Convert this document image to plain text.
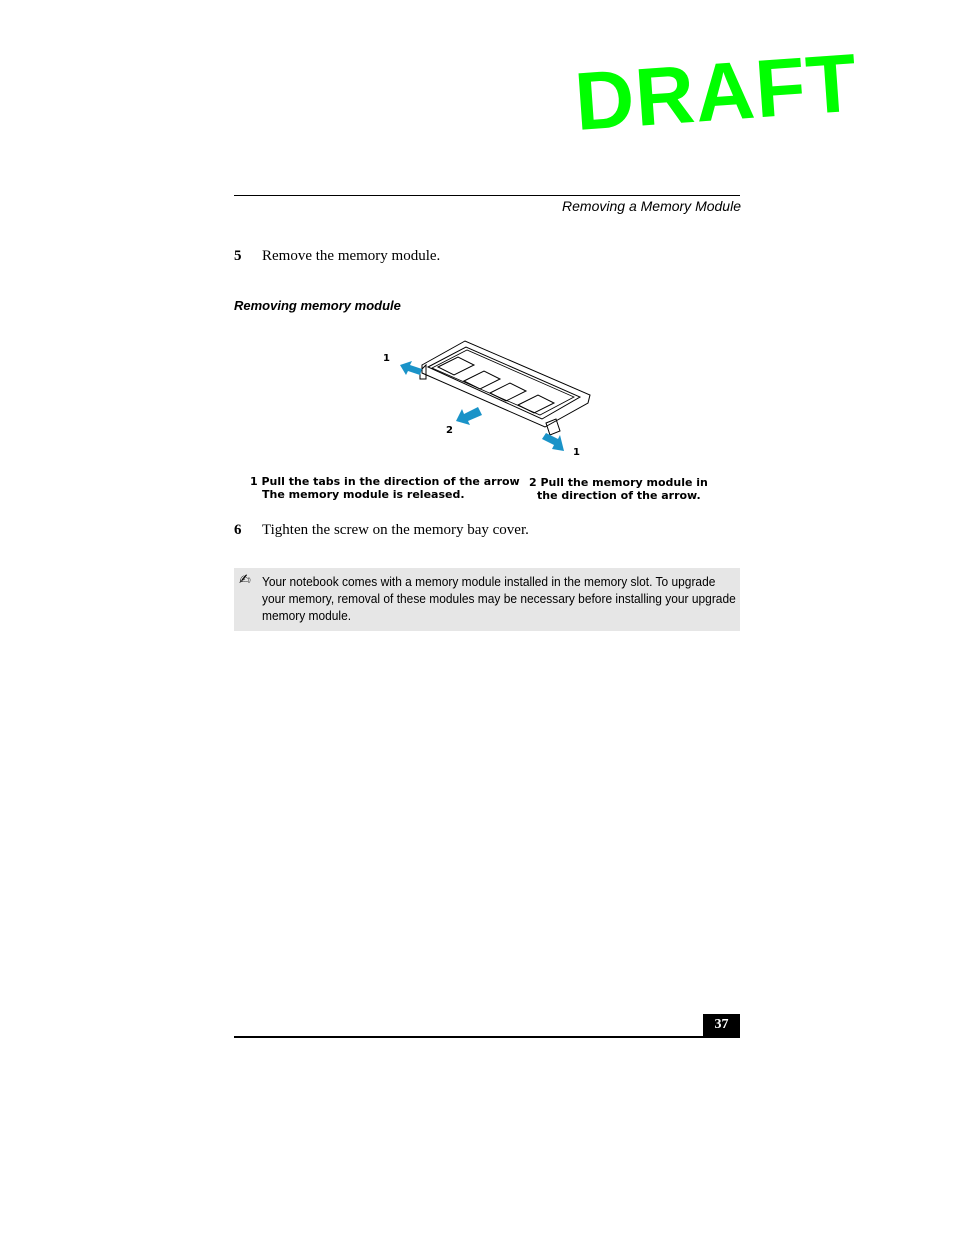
DRAFT
Removing a Memory Module
5 Remove the memory module.
Removing memory module
1
2
1
1 Pull the tabs in the direction of the arrow
The memory module is released.
2 Pull the memory module in
the direction of the arrow.
6 Tighten the screw on the memory bay cover.
✍ Your notebook comes with a memory module installed in the memory slot. To upgrade your memory, removal of these modules may be necessary before installing your upgrade memory module.
37
